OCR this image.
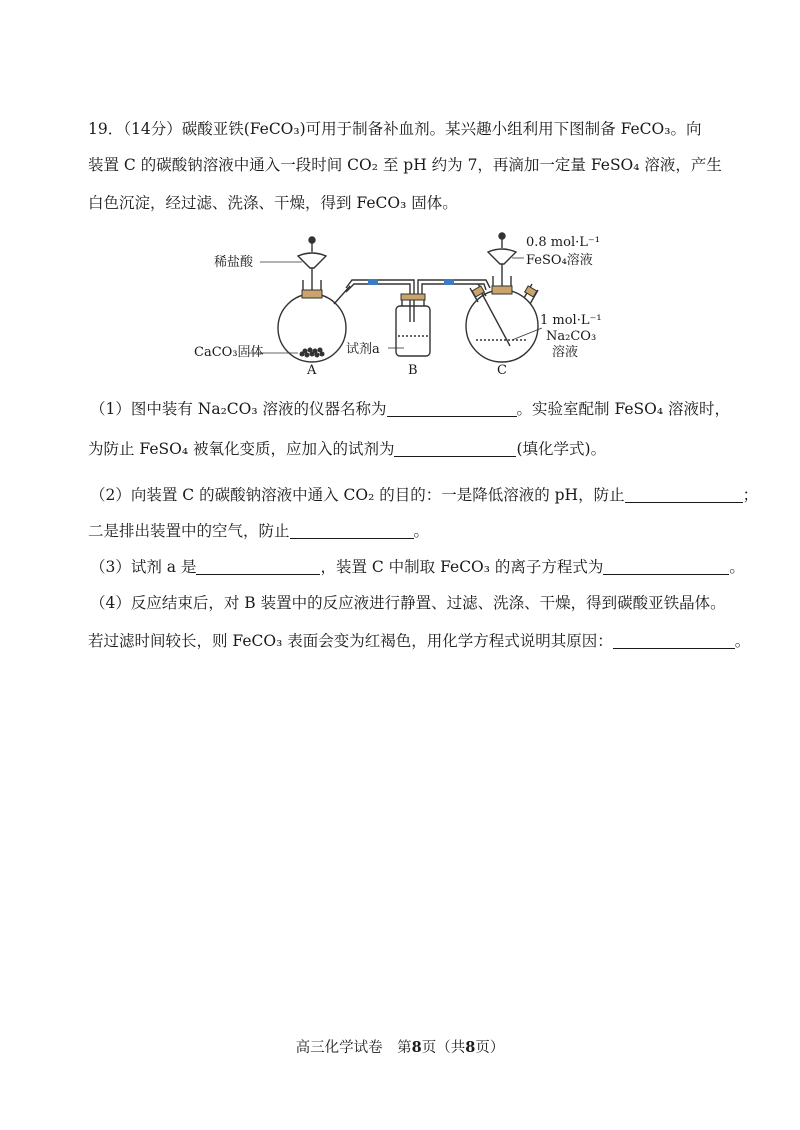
19．（14分）碳酸亚铁(FeCO₃)可用于制备补血剂。某兴趣小组利用下图制备 FeCO₃。向
装置 C 的碳酸钠溶液中通入一段时间 CO₂ 至 pH 约为 7，再滴加一定量 FeSO₄ 溶液，产生
白色沉淀，经过滤、洗涤、干燥，得到 FeCO₃ 固体。
稀盐酸
CaCO₃固体	试剂a
0.8 mol·L⁻¹
FeSO₄溶液
1 mol·L⁻¹
Na₂CO₃
溶液
A	B	C
（1）图中装有 Na₂CO₃ 溶液的仪器名称为	。实验室配制 FeSO₄ 溶液时，
为防止 FeSO₄ 被氧化变质，应加入的试剂为	(填化学式)。
（2）向装置 C 的碳酸钠溶液中通入 CO₂ 的目的：一是降低溶液的 pH，防止	；
二是排出装置中的空气，防止	。
（3）试剂 a 是	，装置 C 中制取 FeCO₃ 的离子方程式为	。
（4）反应结束后，对 B 装置中的反应液进行静置、过滤、洗涤、干燥，得到碳酸亚铁晶体。
若过滤时间较长，则 FeCO₃ 表面会变为红褐色，用化学方程式说明其原因：	。
高三化学试卷　第8页（共8页）
